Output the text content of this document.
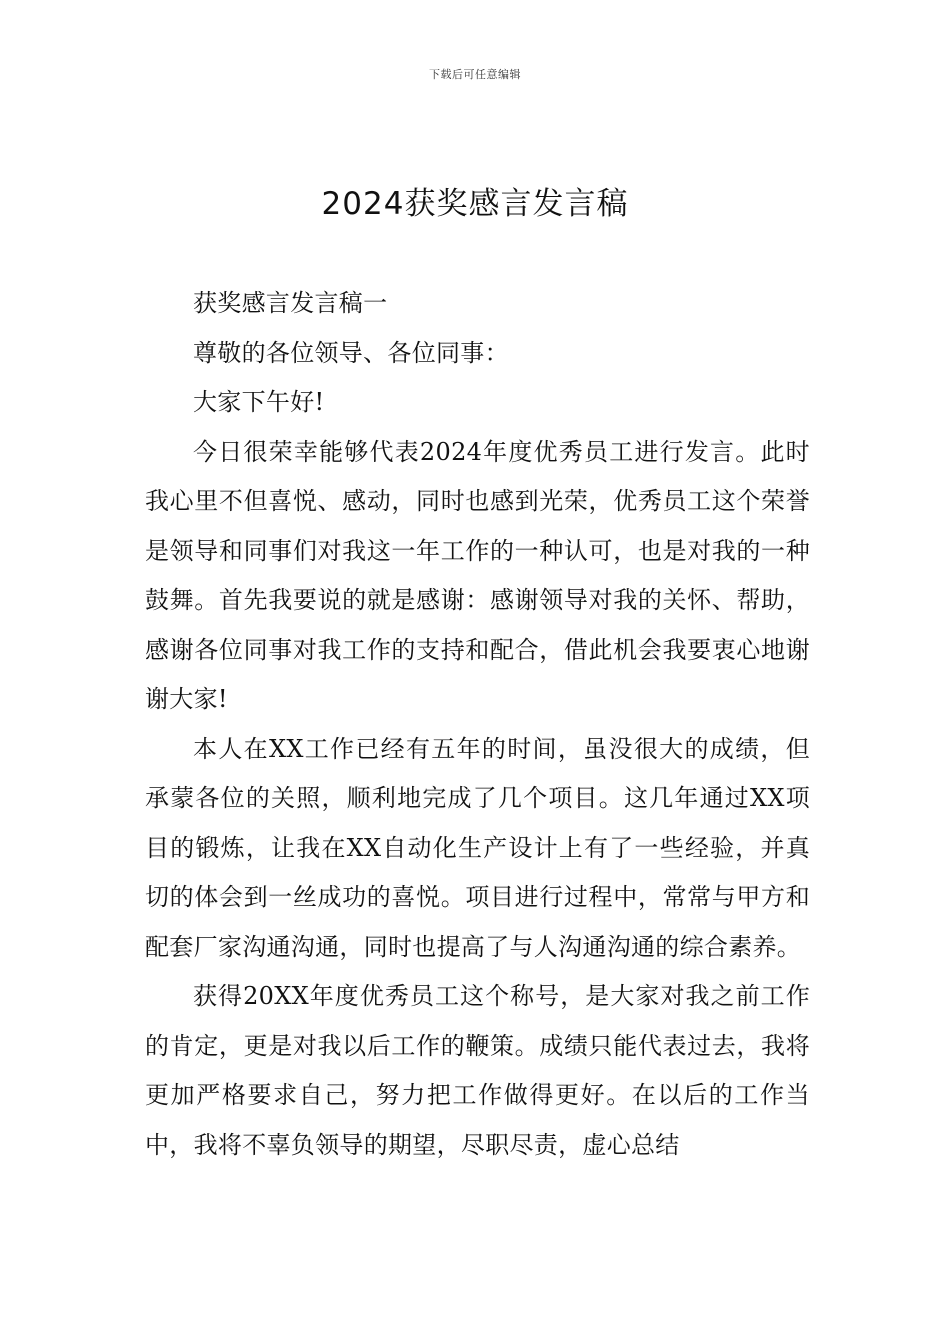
下载后可任意编辑
2024获奖感言发言稿

获奖感言发言稿一

尊敬的各位领导、各位同事：

大家下午好!

今日很荣幸能够代表2024年度优秀员工进行发言。此时我心里不但喜悦、感动，同时也感到光荣，优秀员工这个荣誉是领导和同事们对我这一年工作的一种认可，也是对我的一种鼓舞。首先我要说的就是感谢：感谢领导对我的关怀、帮助，感谢各位同事对我工作的支持和配合，借此机会我要衷心地谢谢大家!

本人在XX工作已经有五年的时间，虽没很大的成绩，但承蒙各位的关照，顺利地完成了几个项目。这几年通过XX项目的锻炼，让我在XX自动化生产设计上有了一些经验，并真切的体会到一丝成功的喜悦。项目进行过程中，常常与甲方和配套厂家沟通沟通，同时也提高了与人沟通沟通的综合素养。

获得20XX年度优秀员工这个称号，是大家对我之前工作的肯定，更是对我以后工作的鞭策。成绩只能代表过去，我将更加严格要求自己，努力把工作做得更好。在以后的工作当中，我将不辜负领导的期望，尽职尽责，虚心总结
